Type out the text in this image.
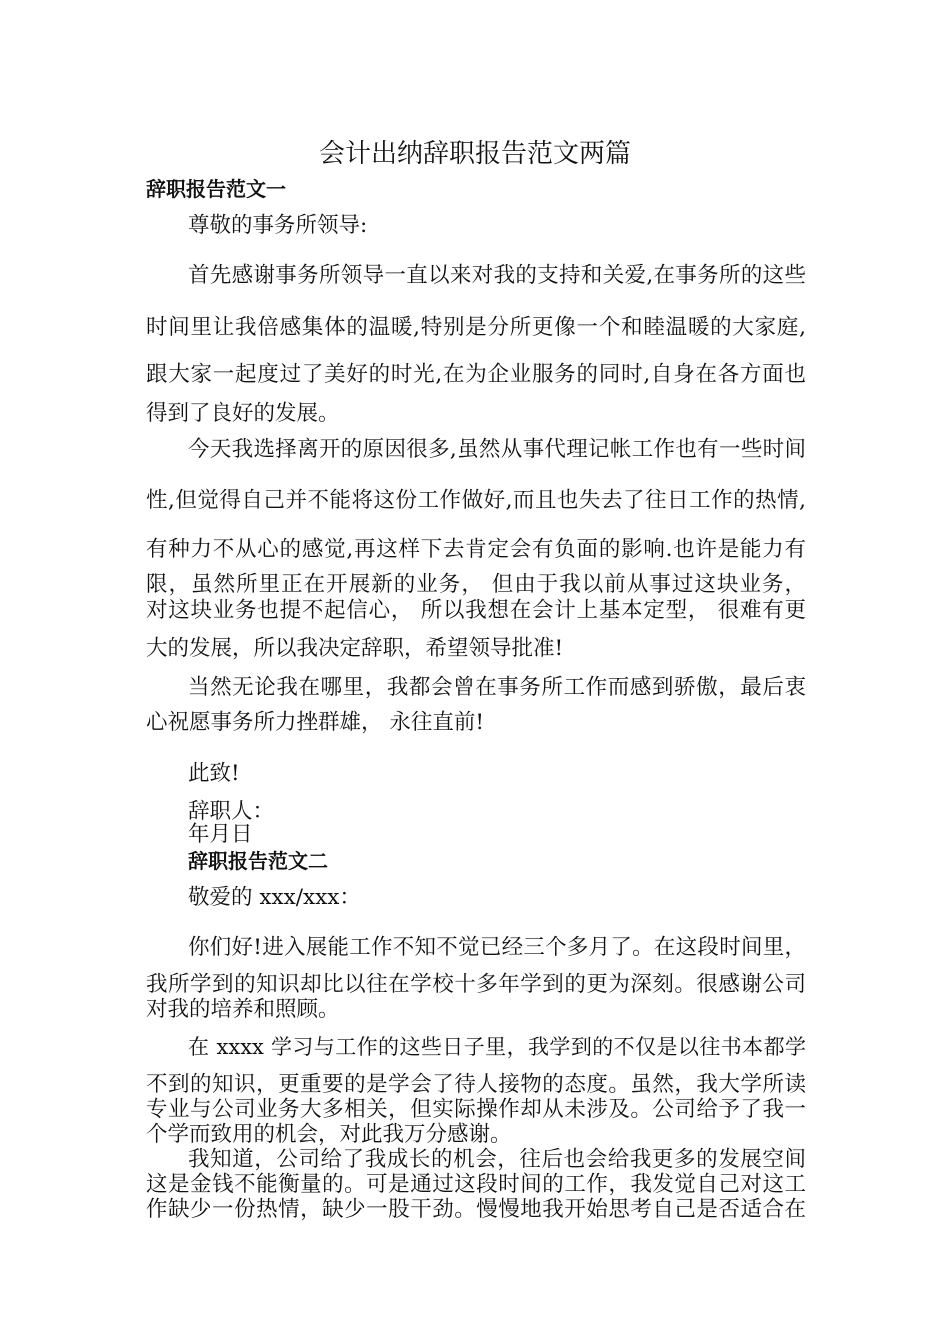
会计出纳辞职报告范文两篇
辞职报告范文一
尊敬的事务所领导:
首先感谢事务所领导一直以来对我的支持和关爱,在事务所的这些
时间里让我倍感集体的温暖,特别是分所更像一个和睦温暖的大家庭,
跟大家一起度过了美好的时光,在为企业服务的同时,自身在各方面也
得到了良好的发展。
今天我选择离开的原因很多,虽然从事代理记帐工作也有一些时间
性,但觉得自己并不能将这份工作做好,而且也失去了往日工作的热情,
有种力不从心的感觉,再这样下去肯定会有负面的影响.也许是能力有
限，虽然所里正在开展新的业务， 但由于我以前从事过这块业务，
对这块业务也提不起信心， 所以我想在会计上基本定型， 很难有更
大的发展，所以我决定辞职，希望领导批准!
当然无论我在哪里，我都会曾在事务所工作而感到骄傲，最后衷
心祝愿事务所力挫群雄， 永往直前!
此致!
辞职人：
年月日
辞职报告范文二
敬爱的 xxx/xxx：
你们好!进入展能工作不知不觉已经三个多月了。在这段时间里，
我所学到的知识却比以往在学校十多年学到的更为深刻。很感谢公司
对我的培养和照顾。
在 xxxx 学习与工作的这些日子里，我学到的不仅是以往书本都学
不到的知识，更重要的是学会了待人接物的态度。虽然，我大学所读
专业与公司业务大多相关，但实际操作却从未涉及。公司给予了我一
个学而致用的机会，对此我万分感谢。
我知道，公司给了我成长的机会，往后也会给我更多的发展空间
这是金钱不能衡量的。可是通过这段时间的工作，我发觉自己对这工
作缺少一份热情，缺少一股干劲。慢慢地我开始思考自己是否适合在
